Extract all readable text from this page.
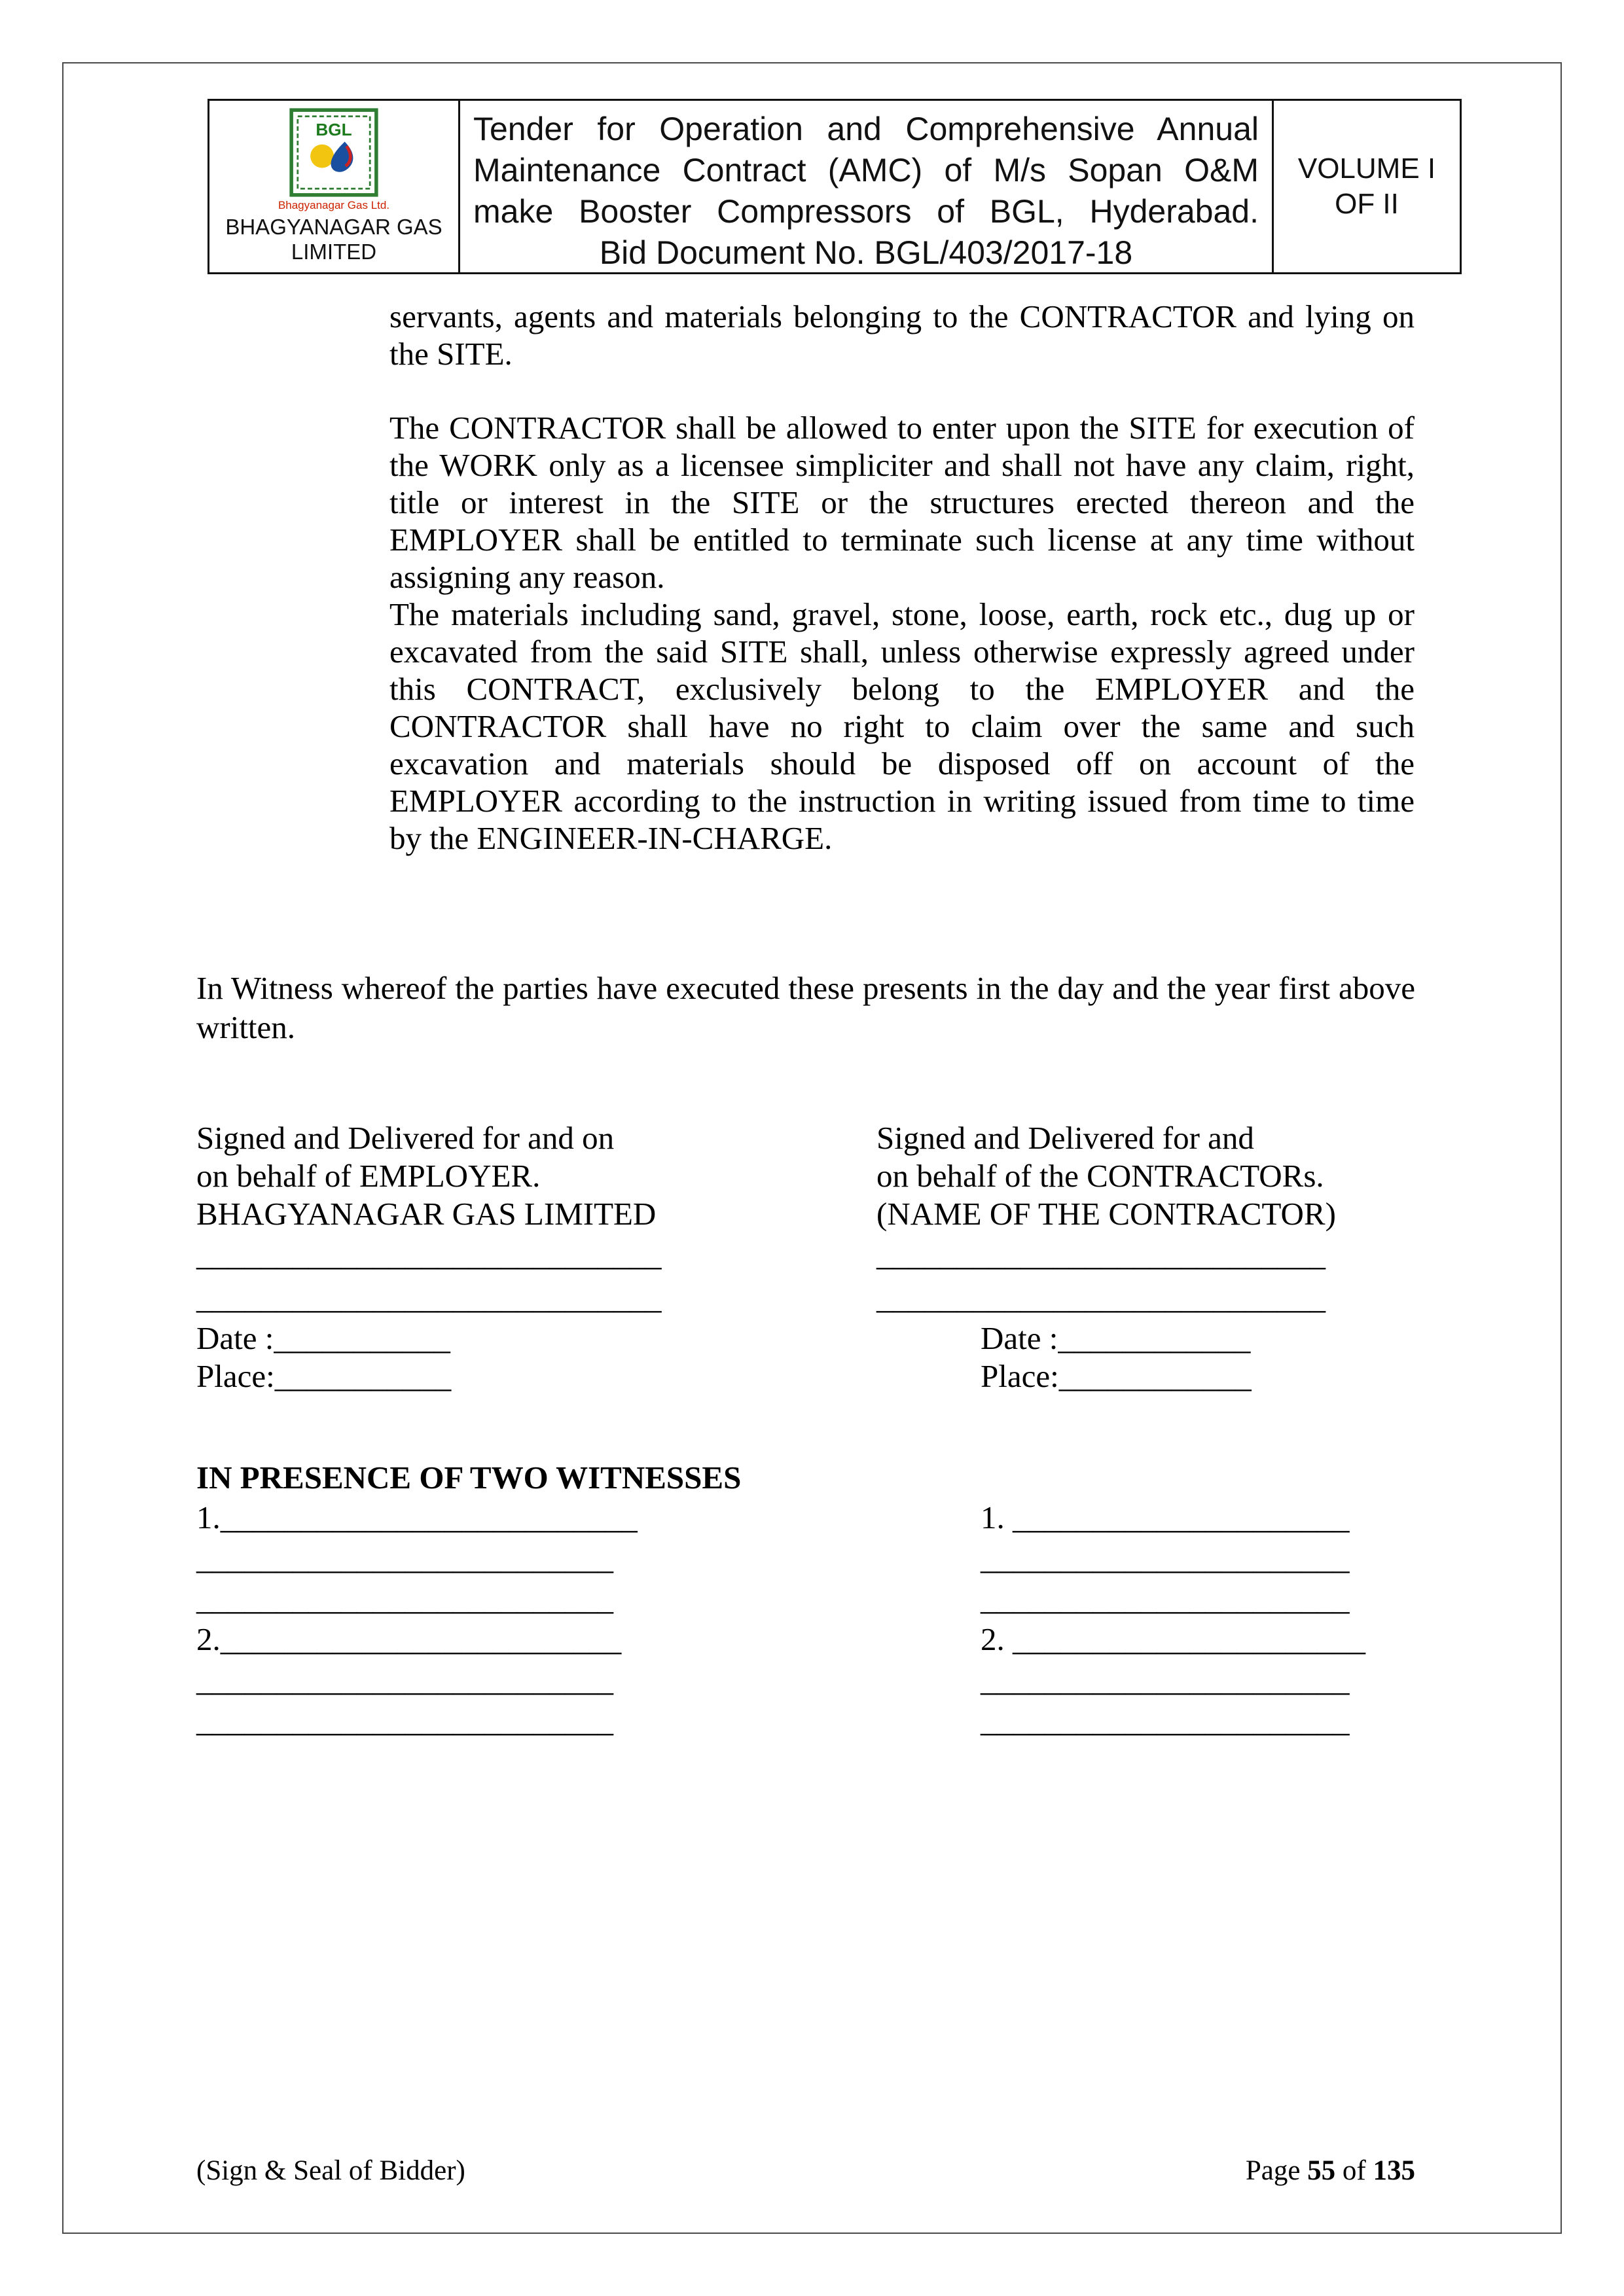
BGL
Bhagyanagar Gas Ltd.
BHAGYANAGAR GAS
LIMITED
Tender for Operation and Comprehensive Annual
Maintenance Contract (AMC) of M/s Sopan O&M
make Booster Compressors of BGL, Hyderabad.
Bid Document No. BGL/403/2017-18
VOLUME I
OF II

servants, agents and materials belonging to the CONTRACTOR and lying on the SITE.

The CONTRACTOR shall be allowed to enter upon the SITE for execution of the WORK only as a licensee simpliciter and shall not have any claim, right, title or interest in the SITE or the structures erected thereon and the EMPLOYER shall be entitled to terminate such license at any time without assigning any reason.

The materials including sand, gravel, stone, loose, earth, rock etc., dug up or excavated from the said SITE shall, unless otherwise expressly agreed under this CONTRACT, exclusively belong to the EMPLOYER and the CONTRACTOR shall have no right to claim over the same and such excavation and materials should be disposed off on account of the EMPLOYER according to the instruction in writing issued from time to time by the ENGINEER-IN-CHARGE.

In Witness whereof the parties have executed these presents in the day and the year first above written.

Signed and Delivered for and on
on behalf of EMPLOYER.
BHAGYANAGAR GAS LIMITED
_____________________________
_____________________________
Date :___________
Place:___________
Signed and Delivered for and
on behalf of the CONTRACTORs.
(NAME OF THE CONTRACTOR)
____________________________
____________________________
Date :____________
Place:____________
IN PRESENCE OF TWO WITNESSES
1.__________________________
__________________________
__________________________
2._________________________
__________________________
__________________________
1. _____________________
_______________________
_______________________
2. ______________________
_______________________
_______________________
(Sign & Seal of Bidder)	Page 55 of 135
